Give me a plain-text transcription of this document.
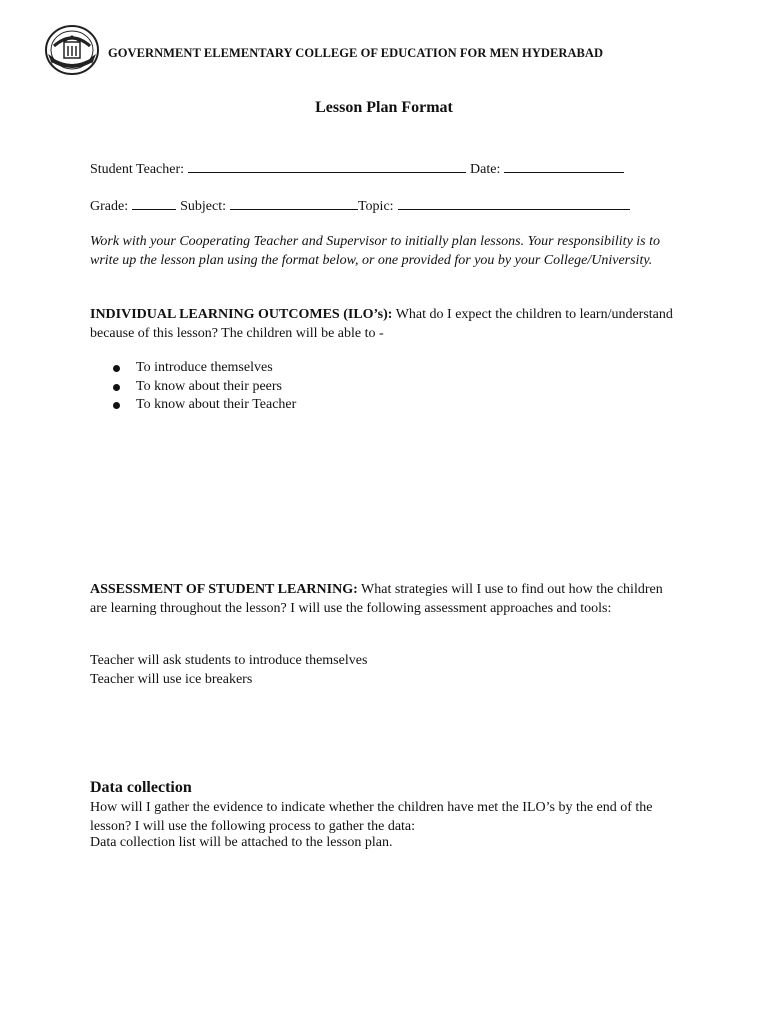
GOVERNMENT ELEMENTARY COLLEGE OF EDUCATION FOR MEN HYDERABAD
Lesson Plan Format
Student Teacher:	Date:
Grade:	Subject:	Topic:
Work with your Cooperating Teacher and Supervisor to initially plan lessons. Your responsibility is to write up the lesson plan using the format below, or one provided for you by your College/University.
INDIVIDUAL LEARNING OUTCOMES (ILO’s): What do I expect the children to learn/understand because of this lesson? The children will be able to -
To introduce themselves
To know about their peers
To know about their Teacher
ASSESSMENT OF STUDENT LEARNING: What strategies will I use to find out how the children are learning throughout the lesson? I will use the following assessment approaches and tools:
Teacher will ask students to introduce themselves
Teacher will use ice breakers
Data collection
How will I gather the evidence to indicate whether the children have met the ILO’s by the end of the lesson? I will use the following process to gather the data:
Data collection list will be attached to the lesson plan.
